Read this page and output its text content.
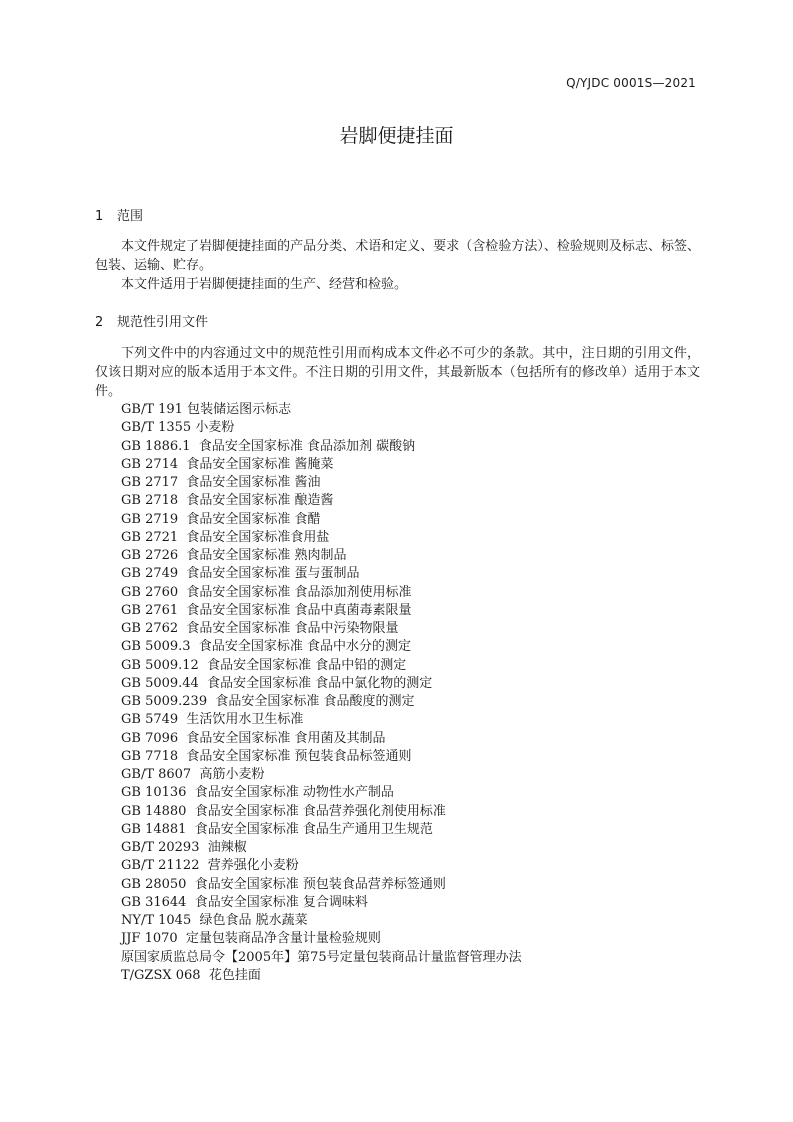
Q/YJDC 0001S—2021
岩脚便捷挂面
1 范围
本文件规定了岩脚便捷挂面的产品分类、术语和定义、要求（含检验方法）、检验规则及标志、标签、包装、运输、贮存。
本文件适用于岩脚便捷挂面的生产、经营和检验。
2 规范性引用文件
下列文件中的内容通过文中的规范性引用而构成本文件必不可少的条款。其中，注日期的引用文件，仅该日期对应的版本适用于本文件。不注日期的引用文件，其最新版本（包括所有的修改单）适用于本文件。
GB/T 191 包装储运图示标志
GB/T 1355 小麦粉
GB 1886.1  食品安全国家标准 食品添加剂 碳酸钠
GB 2714  食品安全国家标准 酱腌菜
GB 2717  食品安全国家标准 酱油
GB 2718  食品安全国家标准 酿造酱
GB 2719  食品安全国家标准 食醋
GB 2721  食品安全国家标准食用盐
GB 2726  食品安全国家标准 熟肉制品
GB 2749  食品安全国家标准 蛋与蛋制品
GB 2760  食品安全国家标准 食品添加剂使用标准
GB 2761  食品安全国家标准 食品中真菌毒素限量
GB 2762  食品安全国家标准 食品中污染物限量
GB 5009.3  食品安全国家标准 食品中水分的测定
GB 5009.12  食品安全国家标准 食品中铅的测定
GB 5009.44  食品安全国家标准 食品中氯化物的测定
GB 5009.239  食品安全国家标准 食品酸度的测定
GB 5749  生活饮用水卫生标准
GB 7096  食品安全国家标准 食用菌及其制品
GB 7718  食品安全国家标准 预包装食品标签通则
GB/T 8607  高筋小麦粉
GB 10136  食品安全国家标准 动物性水产制品
GB 14880  食品安全国家标准 食品营养强化剂使用标准
GB 14881  食品安全国家标准 食品生产通用卫生规范
GB/T 20293  油辣椒
GB/T 21122  营养强化小麦粉
GB 28050  食品安全国家标准 预包装食品营养标签通则
GB 31644  食品安全国家标准 复合调味料
NY/T 1045  绿色食品 脱水蔬菜
JJF 1070  定量包装商品净含量计量检验规则
原国家质监总局令【2005年】第75号定量包装商品计量监督管理办法
T/GZSX 068  花色挂面
